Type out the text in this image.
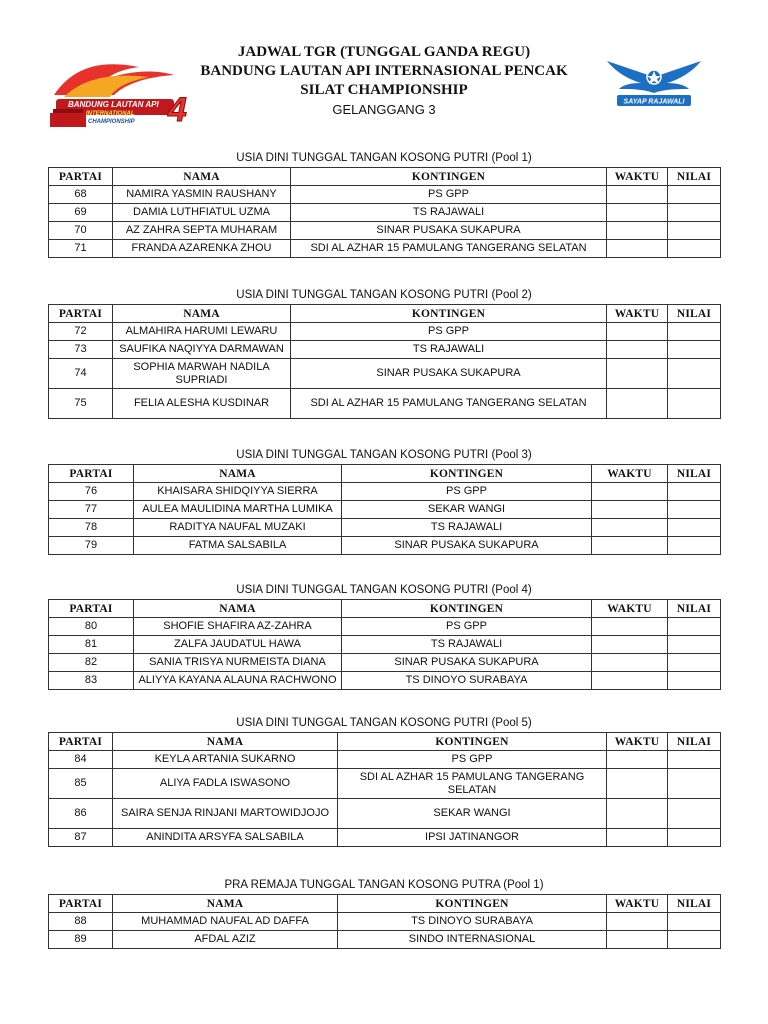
BANDUNG LAUTAN API
INTERNATIONAL
CHAMPIONSHIP 4
JADWAL TGR (TUNGGAL GANDA REGU)
BANDUNG LAUTAN API INTERNASIONAL PENCAK
SILAT CHAMPIONSHIP
GELANGGANG 3	SAYAP RAJAWALI
USIA DINI TUNGGAL TANGAN KOSONG PUTRI (Pool 1)
PARTAI	NAMA	KONTINGEN	WAKTU	NILAI
68	NAMIRA YASMIN RAUSHANY	PS GPP		
69	DAMIA LUTHFIATUL UZMA	TS RAJAWALI		
70	AZ ZAHRA SEPTA MUHARAM	SINAR PUSAKA SUKAPURA		
71	FRANDA AZARENKA ZHOU	SDI AL AZHAR 15 PAMULANG TANGERANG SELATAN		
USIA DINI TUNGGAL TANGAN KOSONG PUTRI (Pool 2)
PARTAI	NAMA	KONTINGEN	WAKTU	NILAI
72	ALMAHIRA HARUMI LEWARU	PS GPP		
73	SAUFIKA NAQIYYA DARMAWAN	TS RAJAWALI		
74	SOPHIA MARWAH NADILA SUPRIADI	SINAR PUSAKA SUKAPURA		
75	FELIA ALESHA KUSDINAR	SDI AL AZHAR 15 PAMULANG TANGERANG SELATAN		
USIA DINI TUNGGAL TANGAN KOSONG PUTRI (Pool 3)
PARTAI	NAMA	KONTINGEN	WAKTU	NILAI
76	KHAISARA SHIDQIYYA SIERRA	PS GPP		
77	AULEA MAULIDINA MARTHA LUMIKA	SEKAR WANGI		
78	RADITYA NAUFAL MUZAKI	TS RAJAWALI		
79	FATMA SALSABILA	SINAR PUSAKA SUKAPURA		
USIA DINI TUNGGAL TANGAN KOSONG PUTRI (Pool 4)
PARTAI	NAMA	KONTINGEN	WAKTU	NILAI
80	SHOFIE SHAFIRA AZ-ZAHRA	PS GPP		
81	ZALFA JAUDATUL HAWA	TS RAJAWALI		
82	SANIA TRISYA NURMEISTA DIANA	SINAR PUSAKA SUKAPURA		
83	ALIYYA KAYANA ALAUNA RACHWONO	TS DINOYO SURABAYA		
USIA DINI TUNGGAL TANGAN KOSONG PUTRI (Pool 5)
PARTAI	NAMA	KONTINGEN	WAKTU	NILAI
84	KEYLA ARTANIA SUKARNO	PS GPP		
85	ALIYA FADLA ISWASONO	SDI AL AZHAR 15 PAMULANG TANGERANG SELATAN		
86	SAIRA SENJA RINJANI MARTOWIDJOJO	SEKAR WANGI		
87	ANINDITA ARSYFA SALSABILA	IPSI JATINANGOR		
PRA REMAJA TUNGGAL TANGAN KOSONG PUTRA (Pool 1)
PARTAI	NAMA	KONTINGEN	WAKTU	NILAI
88	MUHAMMAD NAUFAL AD DAFFA	TS DINOYO SURABAYA		
89	AFDAL AZIZ	SINDO INTERNASIONAL		
